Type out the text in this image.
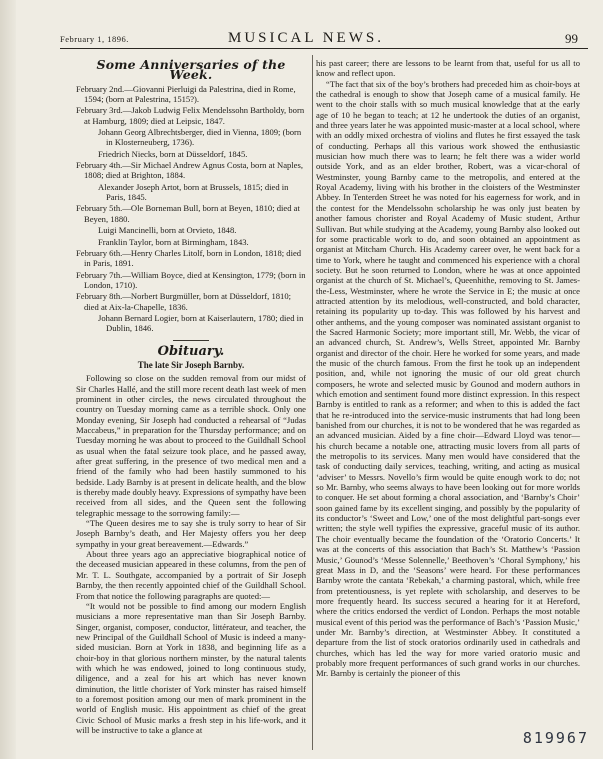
February 1, 1896.	MUSICAL NEWS.	99
Some Anniversaries of the Week.

February 2nd.—Giovanni Pierluigi da Palestrina, died in Rome, 1594; (born at Palestrina, 1515?).

February 3rd.—Jakob Ludwig Felix Mendelssohn Bartholdy, born at Hamburg, 1809; died at Leipsic, 1847.

Johann Georg Albrechtsberger, died in Vienna, 1809; (born in Klosterneuberg, 1736).

Friedrich Niecks, born at Düsseldorf, 1845.

February 4th.—Sir Michael Andrew Agnus Costa, born at Naples, 1808; died at Brighton, 1884.

Alexander Joseph Artot, born at Brussels, 1815; died in Paris, 1845.

February 5th.—Ole Borneman Bull, born at Beyen, 1810; died at Beyen, 1880.

Luigi Mancinelli, born at Orvieto, 1848.

Franklin Taylor, born at Birmingham, 1843.

February 6th.—Henry Charles Litolf, born in London, 1818; died in Paris, 1891.

February 7th.—William Boyce, died at Kensington, 1779; (born in London, 1710).

February 8th.—Norbert Burgmüller, born at Düsseldorf, 1810; died at Aix-la-Chapelle, 1836.

Johann Bernard Logier, born at Kaiserlautern, 1780; died in Dublin, 1846.

Obituary.
The late Sir Joseph Barnby.

Following so close on the sudden removal from our midst of Sir Charles Hallé, and the still more recent death last week of men prominent in other circles, the news circulated throughout the country on Tuesday morning came as a terrible shock. Only one Monday evening, Sir Joseph had conducted a rehearsal of “Judas Maccabeus,” in preparation for the Thursday performance; and on Tuesday morning he was about to proceed to the Guildhall School as usual when the fatal seizure took place, and he passed away, after great suffering, in the presence of two medical men and a friend of the family who had been hastily summoned to his bedside. Lady Barnby is at present in delicate health, and the blow is thereby made doubly heavy. Expressions of sympathy have been received from all sides, and the Queen sent the following telegraphic message to the sorrowing family:—

“The Queen desires me to say she is truly sorry to hear of Sir Joseph Barnby’s death, and Her Majesty offers you her deep sympathy in your great bereavement.—Edwards.”

About three years ago an appreciative biographical notice of the deceased musician appeared in these columns, from the pen of Mr. T. L. Southgate, accompanied by a portrait of Sir Joseph Barnby, the then recently appointed chief of the Guildhall School. From that notice the following paragraphs are quoted:—

“It would not be possible to find among our modern English musicians a more representative man than Sir Joseph Barnby. Singer, organist, composer, conductor, littérateur, and teacher, the new Principal of the Guildhall School of Music is indeed a many-sided musician. Born at York in 1838, and beginning life as a choir-boy in that glorious northern minster, by the natural talents with which he was endowed, joined to long continuous study, diligence, and a zeal for his art which has never known diminution, the little chorister of York minster has raised himself to a foremost position among our men of mark prominent in the world of English music. His appointment as chief of the great Civic School of Music marks a fresh step in his life-work, and it will be instructive to take a glance at

his past career; there are lessons to be learnt from that, useful for us all to know and reflect upon.

“The fact that six of the boy’s brothers had preceded him as choir-boys at the cathedral is enough to show that Joseph came of a musical family. He went to the choir stalls with so much musical knowledge that at the early age of 10 he began to teach; at 12 he undertook the duties of an organist, and three years later he was appointed music-master at a local school, where with an oddly mixed orchestra of violins and flutes he first essayed the task of conducting. Perhaps all this various work showed the enthusiastic musician how much there was to learn; he felt there was a wider world outside York, and as an elder brother, Robert, was a vicar-choral of Westminster, young Barnby came to the metropolis, and entered at the Royal Academy, living with his brother in the cloisters of the Westminster Abbey. In Tenterden Street he was noted for his eagerness for work, and in the contest for the Mendelssohn scholarship he was only just beaten by another famous chorister and Royal Academy of Music student, Arthur Sullivan. But while studying at the Academy, young Barnby also looked out for some practicable work to do, and soon obtained an appointment as organist at Mitcham Church. His Academy career over, he went back for a time to York, where he taught and commenced his experience with a choral society. But he soon returned to London, where he was at once appointed organist at the church of St. Michael’s, Queenhithe, removing to St. James-the-Less, Westminster, where he wrote the Service in E; the music at once attracted attention by its melodious, well-constructed, and bold character, retaining its popularity up to-day. This was followed by his harvest and other anthems, and the young composer was nominated assistant organist to the Sacred Harmonic Society; more important still, Mr. Webb, the vicar of an advanced church, St. Andrew’s, Wells Street, appointed Mr. Barnby organist and director of the choir. Here he worked for some years, and made the music of the church famous. From the first he took up an independent position, and, while not ignoring the music of our old great church composers, he wrote and selected music by Gounod and modern authors in which emotion and sentiment found more distinct expression. In this respect Barnby is entitled to rank as a reformer; and when to this is added the fact that he re-introduced into the service-music instruments that had long been banished from our churches, it is not to be wondered that he was regarded as an advanced musician. Aided by a fine choir—Edward Lloyd was tenor—his church became a notable one, attracting music lovers from all parts of the metropolis to its services. Many men would have considered that the task of conducting daily services, teaching, writing, and acting as musical ‘adviser’ to Messrs. Novello’s firm would be quite enough work to do; not so Mr. Barnby, who seems always to have been looking out for more worlds to conquer. He set about forming a choral association, and ‘Barnby’s Choir’ soon gained fame by its excellent singing, and possibly by the popularity of its conductor’s ‘Sweet and Low,’ one of the most delightful part-songs ever written; the style well typifies the expressive, graceful music of its author. The choir eventually became the foundation of the ‘Oratorio Concerts.’ It was at the concerts of this association that Bach’s St. Matthew’s ‘Passion Music,’ Gounod’s ‘Messe Solennelle,’ Beethoven’s ‘Choral Symphony,’ his great Mass in D, and the ‘Seasons’ were heard. For these performances Barnby wrote the cantata ‘Rebekah,’ a charming pastoral, which, while free from pretentiousness, is yet replete with scholarship, and deserves to be more frequently heard. Its success secured a hearing for it at Hereford, where the critics endorsed the verdict of London. Perhaps the most notable musical event of this period was the performance of Bach’s ‘Passion Music,’ under Mr. Barnby’s direction, at Westminster Abbey. It constituted a departure from the list of stock oratorios ordinarily used in cathedrals and churches, which has led the way for more varied oratorio music and probably more frequent performances of such grand works in our churches. Mr. Barnby is certainly the pioneer of this

819967
